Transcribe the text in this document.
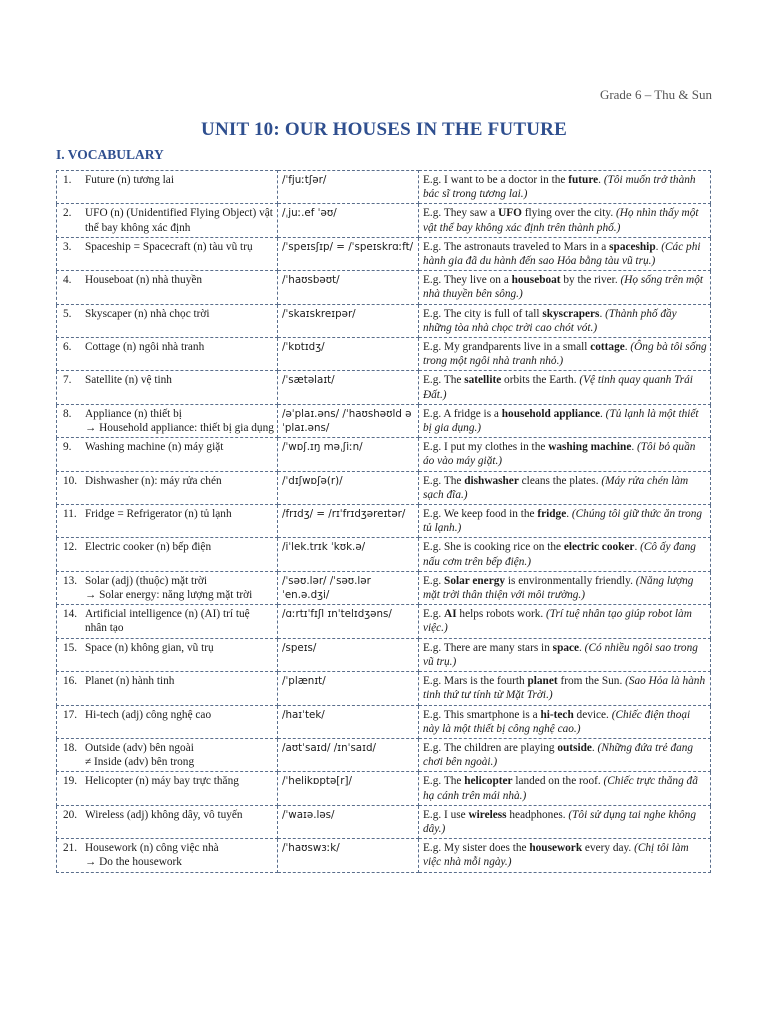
Grade 6 – Thu & Sun
UNIT 10: OUR HOUSES IN THE FUTURE
I. VOCABULARY
1. Future (n) tương lai	/ˈfjuːtʃər/	E.g. I want to be a doctor in the future. (Tôi muốn trở thành bác sĩ trong tương lai.)

2. UFO (n) (Unidentified Flying Object) vật thể bay không xác định	/ˌjuː.ef ˈəʊ/	E.g. They saw a UFO flying over the city. (Họ nhìn thấy một vật thể bay không xác định trên thành phố.)

3. Spaceship = Spacecraft (n) tàu vũ trụ	/ˈspeɪsʃɪp/ = /ˈspeɪskrɑːft/	E.g. The astronauts traveled to Mars in a spaceship. (Các phi hành gia đã du hành đến sao Hỏa bằng tàu vũ trụ.)

4. Houseboat (n) nhà thuyền	/ˈhaʊsbəʊt/	E.g. They live on a houseboat by the river. (Họ sống trên một nhà thuyền bên sông.)

5. Skyscaper (n) nhà chọc trời	/ˈskaɪskreɪpər/	E.g. The city is full of tall skyscrapers. (Thành phố đầy những tòa nhà chọc trời cao chót vót.)

6. Cottage (n) ngôi nhà tranh	/ˈkɒtɪdʒ/	E.g. My grandparents live in a small cottage. (Ông bà tôi sống trong một ngôi nhà tranh nhỏ.)

7. Satellite (n) vệ tinh	/ˈsætəlaɪt/	E.g. The satellite orbits the Earth. (Vệ tinh quay quanh Trái Đất.)

8. Appliance (n) thiết bị
→ Household appliance: thiết bị gia dụng	/əˈplaɪ.əns/ /ˈhaʊshəʊld əˈplaɪ.əns/	E.g. A fridge is a household appliance. (Tủ lạnh là một thiết bị gia dụng.)

9. Washing machine (n) máy giặt	/ˈwɒʃ.ɪŋ məˌʃiːn/	E.g. I put my clothes in the washing machine. (Tôi bỏ quần áo vào máy giặt.)

10. Dishwasher (n): máy rửa chén	/ˈdɪʃwɒʃə(r)/	E.g. The dishwasher cleans the plates. (Máy rửa chén làm sạch đĩa.)

11. Fridge = Refrigerator (n) tủ lạnh	/frɪdʒ/ = /rɪˈfrɪdʒəreɪtər/	E.g. We keep food in the fridge. (Chúng tôi giữ thức ăn trong tủ lạnh.)

12. Electric cooker (n) bếp điện	/iˈlek.trɪk ˈkʊk.ə/	E.g. She is cooking rice on the electric cooker. (Cô ấy đang nấu cơm trên bếp điện.)

13. Solar (adj) (thuộc) mặt trời
→ Solar energy: năng lượng mặt trời	/ˈsəʊ.lər/ /ˈsəʊ.lər ˈen.ə.dʒi/	E.g. Solar energy is environmentally friendly. (Năng lượng mặt trời thân thiện với môi trường.)

14. Artificial intelligence (n) (AI) trí tuệ nhân tạo	/ɑːrtɪˈfɪʃl ɪnˈtelɪdʒəns/	E.g. AI helps robots work. (Trí tuệ nhân tạo giúp robot làm việc.)

15. Space (n) không gian, vũ trụ	/speɪs/	E.g. There are many stars in space. (Có nhiều ngôi sao trong vũ trụ.)

16. Planet (n) hành tinh	/ˈplænɪt/	E.g. Mars is the fourth planet from the Sun. (Sao Hỏa là hành tinh thứ tư tính từ Mặt Trời.)

17. Hi-tech (adj) công nghệ cao	/haɪˈtek/	E.g. This smartphone is a hi-tech device. (Chiếc điện thoại này là một thiết bị công nghệ cao.)

18. Outside (adv) bên ngoài
≠ Inside (adv) bên trong	/aʊtˈsaɪd/ /ɪnˈsaɪd/	E.g. The children are playing outside. (Những đứa trẻ đang chơi bên ngoài.)

19. Helicopter (n) máy bay trực thăng	/ˈhelikɒptə[r]/	E.g. The helicopter landed on the roof. (Chiếc trực thăng đã hạ cánh trên mái nhà.)

20. Wireless (adj) không dây, vô tuyến	/ˈwaɪə.ləs/	E.g. I use wireless headphones. (Tôi sử dụng tai nghe không dây.)

21. Housework (n) công việc nhà
→ Do the housework	/ˈhaʊswɜːk/	E.g. My sister does the housework every day. (Chị tôi làm việc nhà mỗi ngày.)
